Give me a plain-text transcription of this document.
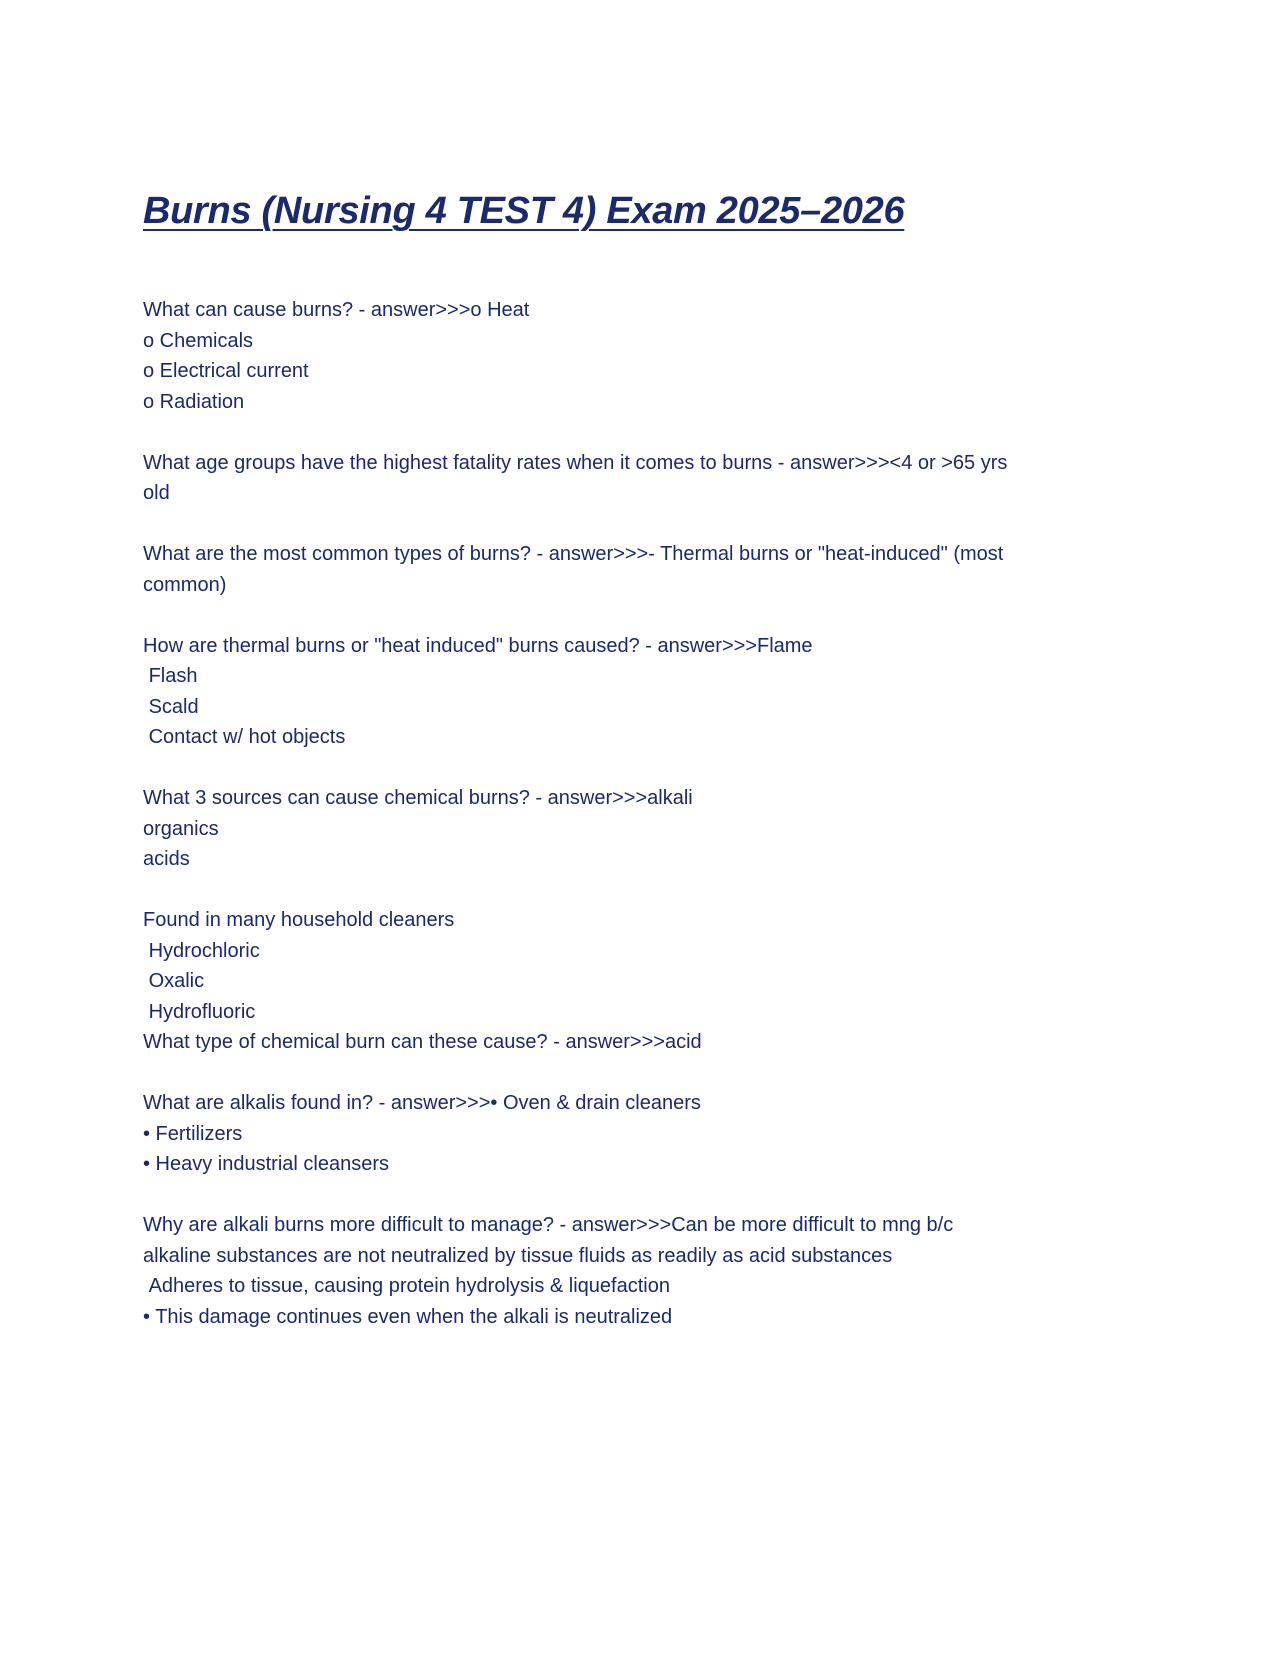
Burns (Nursing 4 TEST 4) Exam 2025–2026
What can cause burns? - answer>>>o Heat
o Chemicals
o Electrical current
o Radiation
What age groups have the highest fatality rates when it comes to burns - answer>>><4 or >65 yrs
old
What are the most common types of burns? - answer>>>- Thermal burns or "heat-induced" (most
common)
How are thermal burns or "heat induced" burns caused? - answer>>>Flame
Flash
Scald
Contact w/ hot objects
What 3 sources can cause chemical burns? - answer>>>alkali
organics
acids
Found in many household cleaners
Hydrochloric
Oxalic
Hydrofluoric
What type of chemical burn can these cause? - answer>>>acid
What are alkalis found in? - answer>>>• Oven & drain cleaners
• Fertilizers
• Heavy industrial cleansers
Why are alkali burns more difficult to manage? - answer>>>Can be more difficult to mng b/c
alkaline substances are not neutralized by tissue fluids as readily as acid substances
Adheres to tissue, causing protein hydrolysis & liquefaction
• This damage continues even when the alkali is neutralized
